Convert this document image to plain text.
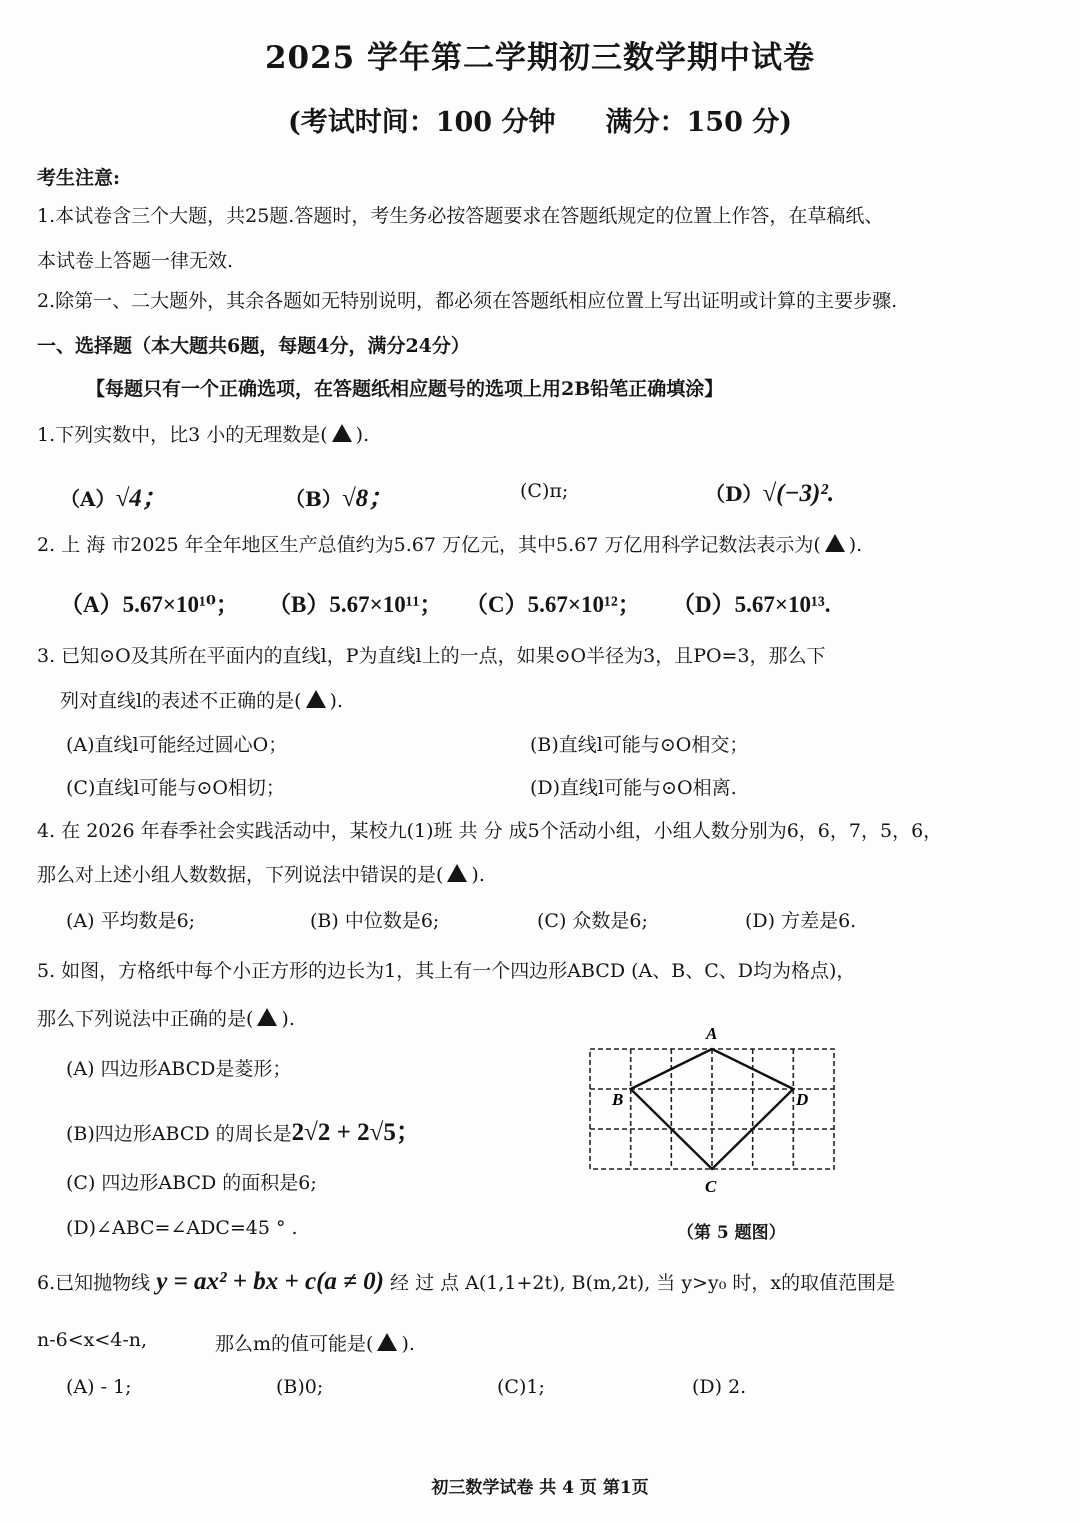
2025 学年第二学期初三数学期中试卷
(考试时间：100 分钟 满分：150 分)
考生注意:
1.本试卷含三个大题，共25题.答题时，考生务必按答题要求在答题纸规定的位置上作答，在草稿纸、
本试卷上答题一律无效.
2.除第一、二大题外，其余各题如无特别说明，都必须在答题纸相应位置上写出证明或计算的主要步骤.
一、选择题（本大题共6题，每题4分，满分24分）
【每题只有一个正确选项，在答题纸相应题号的选项上用2B铅笔正确填涂】
1.下列实数中，比3 小的无理数是( ).
（A）√4；	（B）√8；	(C)π;	（D）√(−3)².
2. 上 海 市2025 年全年地区生产总值约为5.67 万亿元，其中5.67 万亿用科学记数法表示为( ).
（A）5.67×10¹⁰； （B）5.67×10¹¹； （C）5.67×10¹²； （D）5.67×10¹³.
3. 已知⊙O及其所在平面内的直线l，P为直线l上的一点，如果⊙O半径为3，且PO=3，那么下
列对直线l的表述不正确的是( ).
(A)直线l可能经过圆心O；	(B)直线l可能与⊙O相交；
(C)直线l可能与⊙O相切；	(D)直线l可能与⊙O相离.
4. 在 2026 年春季社会实践活动中，某校九(1)班 共 分 成5个活动小组，小组人数分别为6，6，7，5，6，
那么对上述小组人数数据，下列说法中错误的是( ).
(A) 平均数是6;	(B) 中位数是6;	(C) 众数是6;	(D) 方差是6.
5. 如图，方格纸中每个小正方形的边长为1，其上有一个四边形ABCD (A、B、C、D均为格点)，
那么下列说法中正确的是( ).
(A) 四边形ABCD是菱形；
(B)四边形ABCD 的周长是2√2 + 2√5；
(C) 四边形ABCD 的面积是6;
(D)∠ABC=∠ADC=45 ° .
A
B
C
D
（第 5 题图）
6.已知抛物线 y = ax² + bx + c(a ≠ 0) 经 过 点 A(1,1+2t), B(m,2t), 当 y>y₀ 时，x的取值范围是
n-6<x<4-n,	那么m的值可能是( ).
(A) - 1;	(B)0;	(C)1;	(D) 2.
初三数学试卷 共 4 页 第1页
